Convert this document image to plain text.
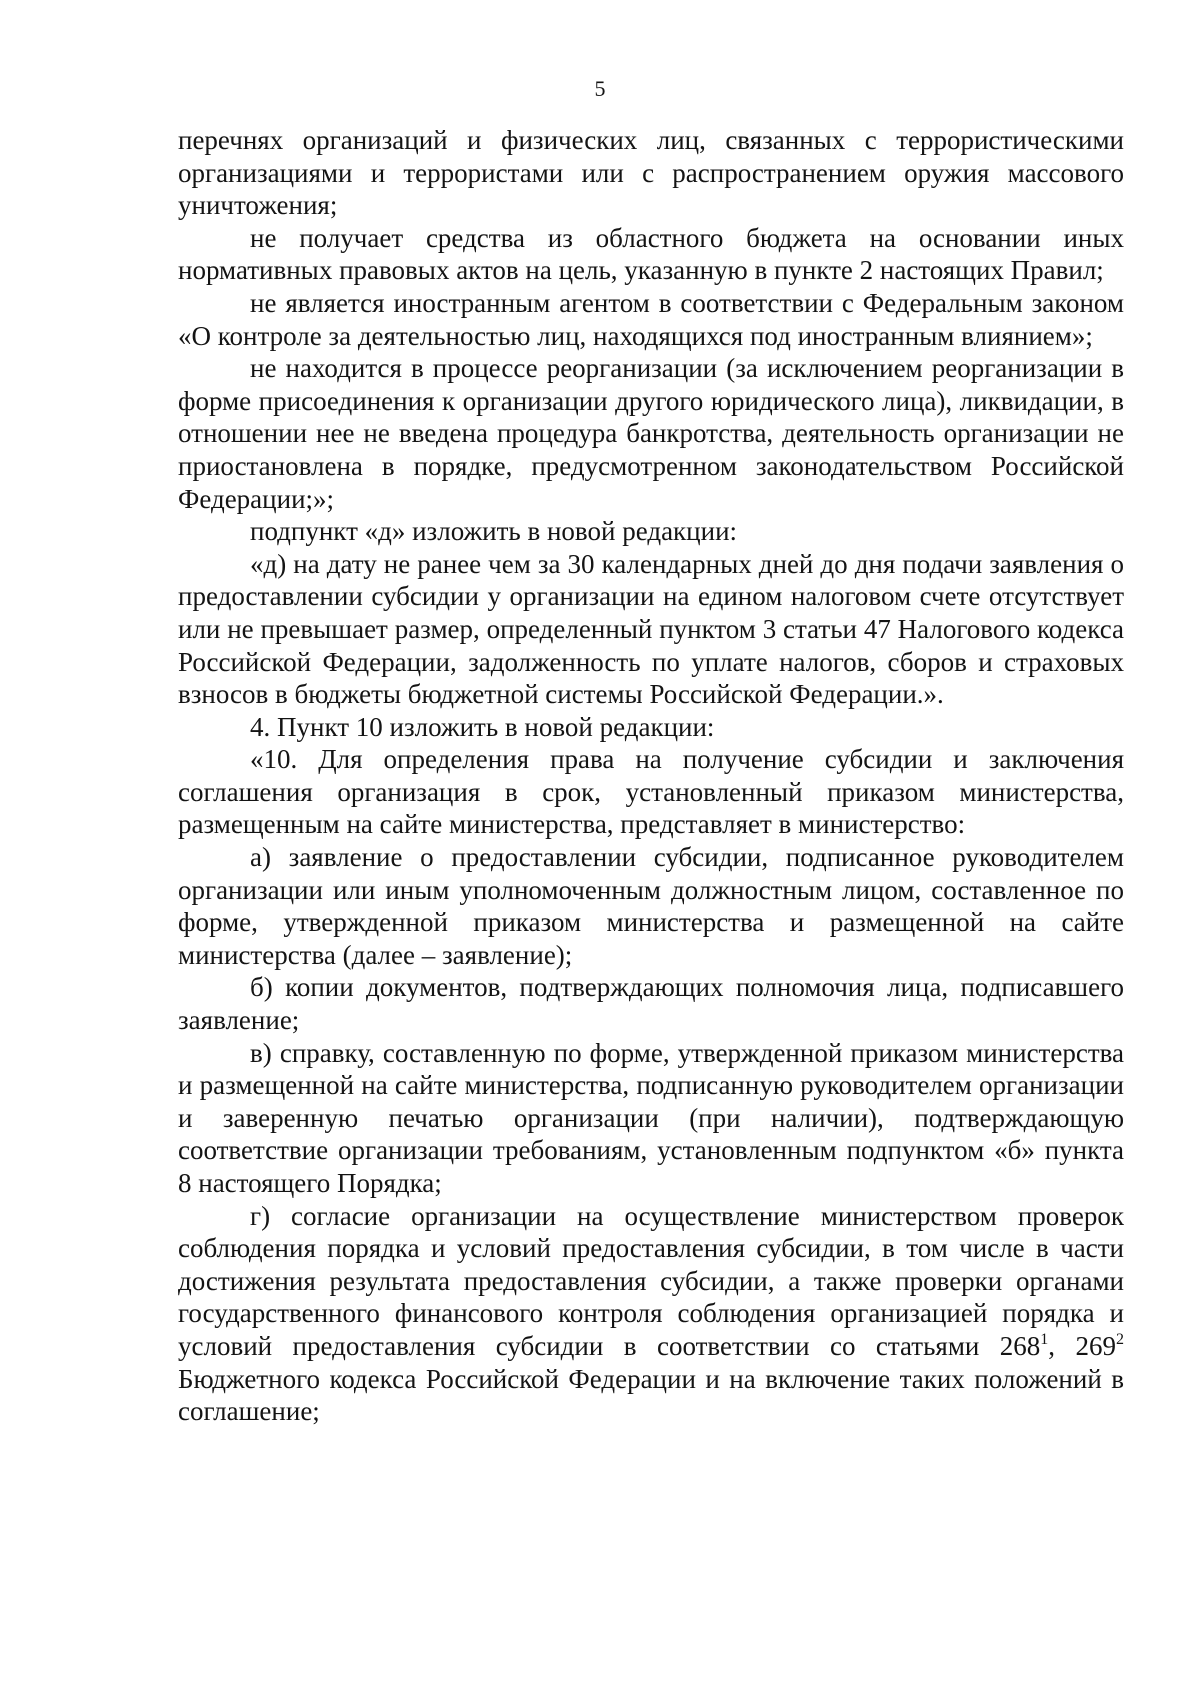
5

перечнях организаций и физических лиц, связанных с террористическими организациями и террористами или с распространением оружия массового уничтожения;

не получает средства из областного бюджета на основании иных нормативных правовых актов на цель, указанную в пункте 2 настоящих Правил;

не является иностранным агентом в соответствии с Федеральным законом «О контроле за деятельностью лиц, находящихся под иностранным влиянием»;

не находится в процессе реорганизации (за исключением реорганизации в форме присоединения к организации другого юридического лица), ликвидации, в отношении нее не введена процедура банкротства, деятельность организации не приостановлена в порядке, предусмотренном законодательством Российской Федерации;»;

подпункт «д» изложить в новой редакции:

«д) на дату не ранее чем за 30 календарных дней до дня подачи заявления о предоставлении субсидии у организации на едином налоговом счете отсутствует или не превышает размер, определенный пунктом 3 статьи 47 Налогового кодекса Российской Федерации, задолженность по уплате налогов, сборов и страховых взносов в бюджеты бюджетной системы Российской Федерации.».

4. Пункт 10 изложить в новой редакции:

«10. Для определения права на получение субсидии и заключения соглашения организация в срок, установленный приказом министерства, размещенным на сайте министерства, представляет в министерство:

а) заявление о предоставлении субсидии, подписанное руководителем организации или иным уполномоченным должностным лицом, составленное по форме, утвержденной приказом министерства и размещенной на сайте министерства (далее – заявление);

б) копии документов, подтверждающих полномочия лица, подписавшего заявление;

в) справку, составленную по форме, утвержденной приказом министерства и размещенной на сайте министерства, подписанную руководителем организации и заверенную печатью организации (при наличии), подтверждающую соответствие организации требованиям, установленным подпунктом «б» пункта 8 настоящего Порядка;

г) согласие организации на осуществление министерством проверок соблюдения порядка и условий предоставления субсидии, в том числе в части достижения результата предоставления субсидии, а также проверки органами государственного финансового контроля соблюдения организацией порядка и условий предоставления субсидии в соответствии со статьями $268^1$, $269^2$ Бюджетного кодекса Российской Федерации и на включение таких положений в соглашение;
